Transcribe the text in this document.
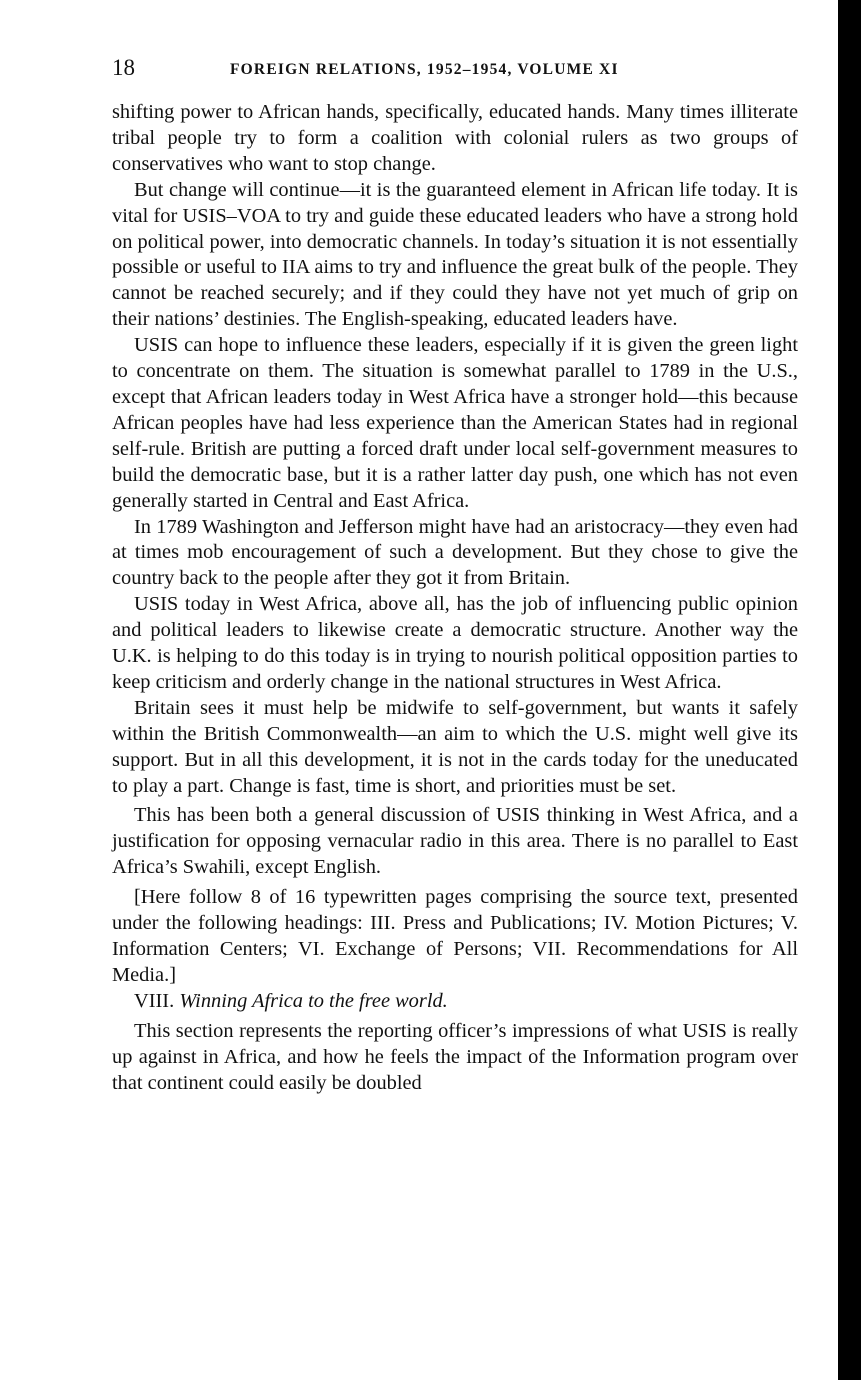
18	FOREIGN RELATIONS, 1952–1954, VOLUME XI

shifting power to African hands, specifically, educated hands. Many times illiterate tribal people try to form a coalition with colonial rulers as two groups of conservatives who want to stop change.

But change will continue—it is the guaranteed element in African life today. It is vital for USIS–VOA to try and guide these educated leaders who have a strong hold on political power, into democratic channels. In today’s situation it is not essentially possible or useful to IIA aims to try and influence the great bulk of the people. They cannot be reached securely; and if they could they have not yet much of grip on their nations’ destinies. The English-speaking, educated leaders have.

USIS can hope to influence these leaders, especially if it is given the green light to concentrate on them. The situation is somewhat parallel to 1789 in the U.S., except that African leaders today in West Africa have a stronger hold—this because African peoples have had less experience than the American States had in regional self-rule. British are putting a forced draft under local self-government measures to build the democratic base, but it is a rather latter day push, one which has not even generally started in Central and East Africa.

In 1789 Washington and Jefferson might have had an aristocracy—they even had at times mob encouragement of such a development. But they chose to give the country back to the people after they got it from Britain.

USIS today in West Africa, above all, has the job of influencing public opinion and political leaders to likewise create a democratic structure. Another way the U.K. is helping to do this today is in trying to nourish political opposition parties to keep criticism and orderly change in the national structures in West Africa.

Britain sees it must help be midwife to self-government, but wants it safely within the British Commonwealth—an aim to which the U.S. might well give its support. But in all this development, it is not in the cards today for the uneducated to play a part. Change is fast, time is short, and priorities must be set.

This has been both a general discussion of USIS thinking in West Africa, and a justification for opposing vernacular radio in this area. There is no parallel to East Africa’s Swahili, except English.

[Here follow 8 of 16 typewritten pages comprising the source text, presented under the following headings: III. Press and Publications; IV. Motion Pictures; V. Information Centers; VI. Exchange of Persons; VII. Recommendations for All Media.]

VIII. Winning Africa to the free world.

This section represents the reporting officer’s impressions of what USIS is really up against in Africa, and how he feels the impact of the Information program over that continent could easily be doubled
